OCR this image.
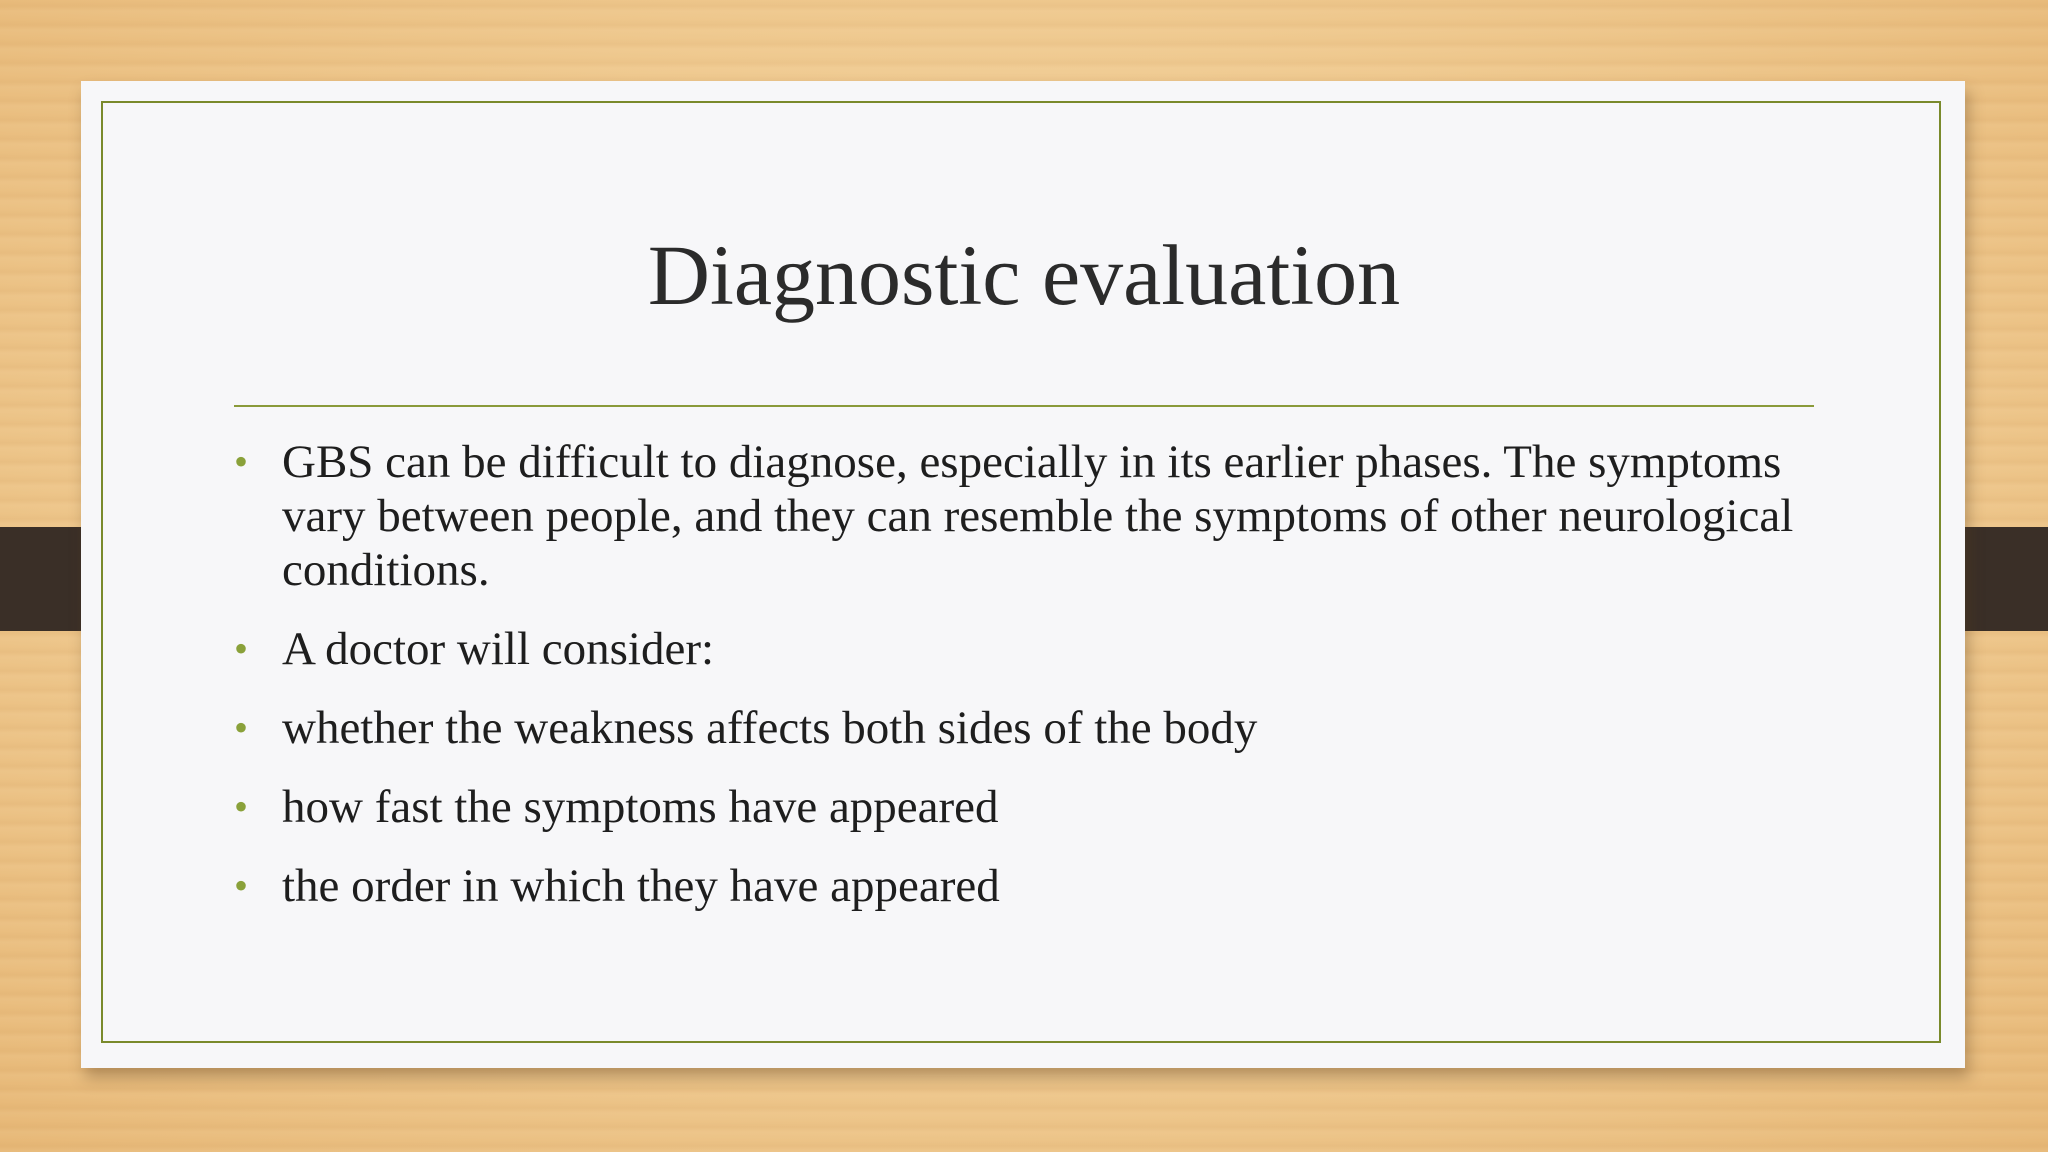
Diagnostic evaluation
• GBS can be difficult to diagnose, especially in its earlier phases. The symptoms vary between people, and they can resemble the symptoms of other neurological conditions.
• A doctor will consider:
• whether the weakness affects both sides of the body
• how fast the symptoms have appeared
• the order in which they have appeared
